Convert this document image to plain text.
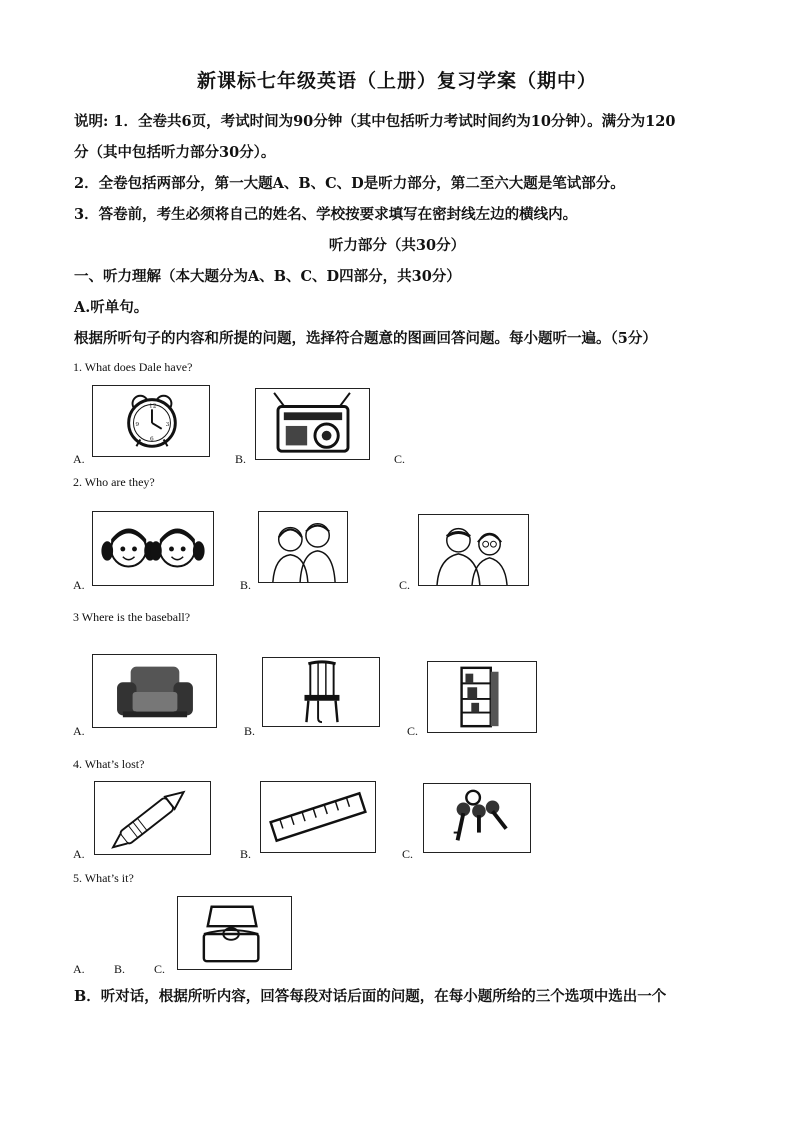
新课标七年级英语（上册）复习学案（期中）
说明: 1．全卷共6页，考试时间为90分钟（其中包括听力考试时间约为10分钟）。满分为120
分（其中包括听力部分30分）。
2．全卷包括两部分，第一大题A、B、C、D是听力部分，第二至六大题是笔试部分。
3．答卷前，考生必须将自己的姓名、学校按要求填写在密封线左边的横线内。
听力部分（共30分）
一、听力理解（本大题分为A、B、C、D四部分，共30分）
A.听单句。
根据所听句子的内容和所提的问题，选择符合题意的图画回答问题。每小题听一遍。（5分）
1. What does Dale have?
12
3
6
9
A.	B.	C.
2. Who are they?
A.	B.	C.
3 Where is the baseball?
A.	B.	C.
4. What’s lost?
A.	B.	C.
5. What’s it?
A. B. C.
B．听对话，根据所听内容，回答每段对话后面的问题，在每小题所给的三个选项中选出一个
